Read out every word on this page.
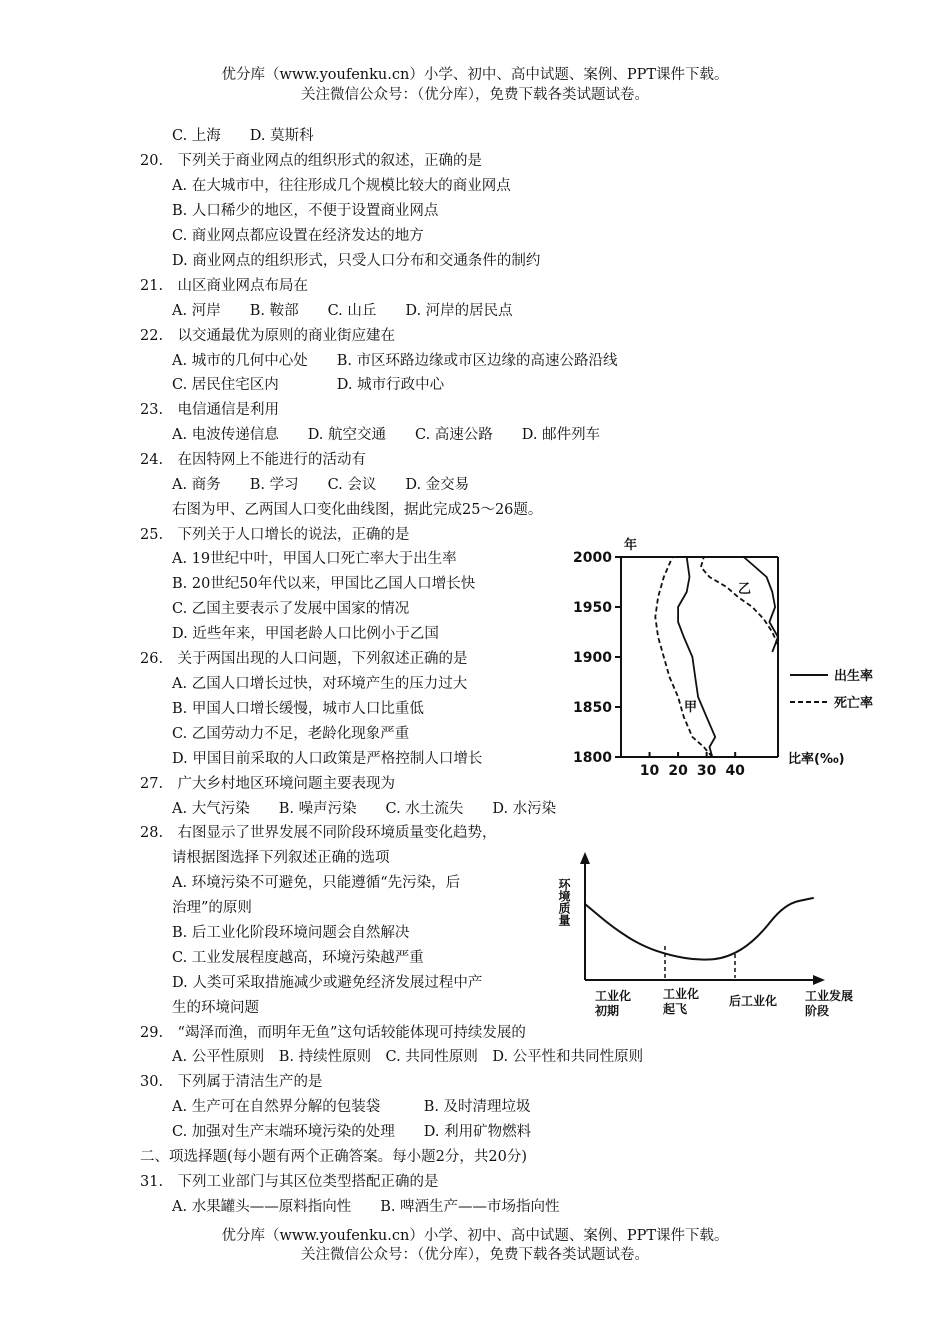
优分库（www.youfenku.cn）小学、初中、高中试题、案例、PPT课件下载。
关注微信公众号：（优分库），免费下载各类试题试卷。
C. 上海　　D. 莫斯科
20.　下列关于商业网点的组织形式的叙述，正确的是
A. 在大城市中，往往形成几个规模比较大的商业网点
B. 人口稀少的地区，不便于设置商业网点
C. 商业网点都应设置在经济发达的地方
D. 商业网点的组织形式，只受人口分布和交通条件的制约
21.　山区商业网点布局在
A. 河岸　　B. 鞍部　　C. 山丘　　D. 河岸的居民点
22.　以交通最优为原则的商业街应建在
A. 城市的几何中心处　　B. 市区环路边缘或市区边缘的高速公路沿线
C. 居民住宅区内　　　　D. 城市行政中心
23.　电信通信是利用
A. 电波传递信息　　D. 航空交通　　C. 高速公路　　D. 邮件列车
24.　在因特网上不能进行的活动有
A. 商务　　B. 学习　　C. 会议　　D. 金交易
右图为甲、乙两国人口变化曲线图，据此完成25～26题。
25.　下列关于人口增长的说法，正确的是
A. 19世纪中叶，甲国人口死亡率大于出生率
B. 20世纪50年代以来，甲国比乙国人口增长快
C. 乙国主要表示了发展中国家的情况
D. 近些年来，甲国老龄人口比例小于乙国
26.　关于两国出现的人口问题，下列叙述正确的是
A. 乙国人口增长过快，对环境产生的压力过大
B. 甲国人口增长缓慢，城市人口比重低
C. 乙国劳动力不足，老龄化现象严重
D. 甲国目前采取的人口政策是严格控制人口增长
27.　广大乡村地区环境问题主要表现为
A. 大气污染　　B. 噪声污染　　C. 水土流失　　D. 水污染
28.　右图显示了世界发展不同阶段环境质量变化趋势，
请根据图选择下列叙述正确的选项
A. 环境污染不可避免，只能遵循“先污染，后
治理”的原则
B. 后工业化阶段环境问题会自然解决
C. 工业发展程度越高，环境污染越严重
D. 人类可采取措施减少或避免经济发展过程中产
生的环境问题
29.　“竭泽而渔，而明年无鱼”这句话较能体现可持续发展的
A. 公平性原则　B. 持续性原则　C. 共同性原则　D. 公平性和共同性原则
30.　下列属于清洁生产的是
A. 生产可在自然界分解的包装袋　　　B. 及时清理垃圾
C. 加强对生产末端环境污染的处理　　D. 利用矿物燃料
二、项选择题(每小题有两个正确答案。每小题2分，共20分)
31.　下列工业部门与其区位类型搭配正确的是
A. 水果罐头——原料指向性　　B. 啤酒生产——市场指向性
1800
1850
1900
1950
2000
10 20 30 40
年
比率(‰)
甲
乙
出生率
死亡率
环境质量
工业化初期
工业化起飞
后工业化 工业发展阶段
优分库（www.youfenku.cn）小学、初中、高中试题、案例、PPT课件下载。
关注微信公众号：（优分库），免费下载各类试题试卷。
